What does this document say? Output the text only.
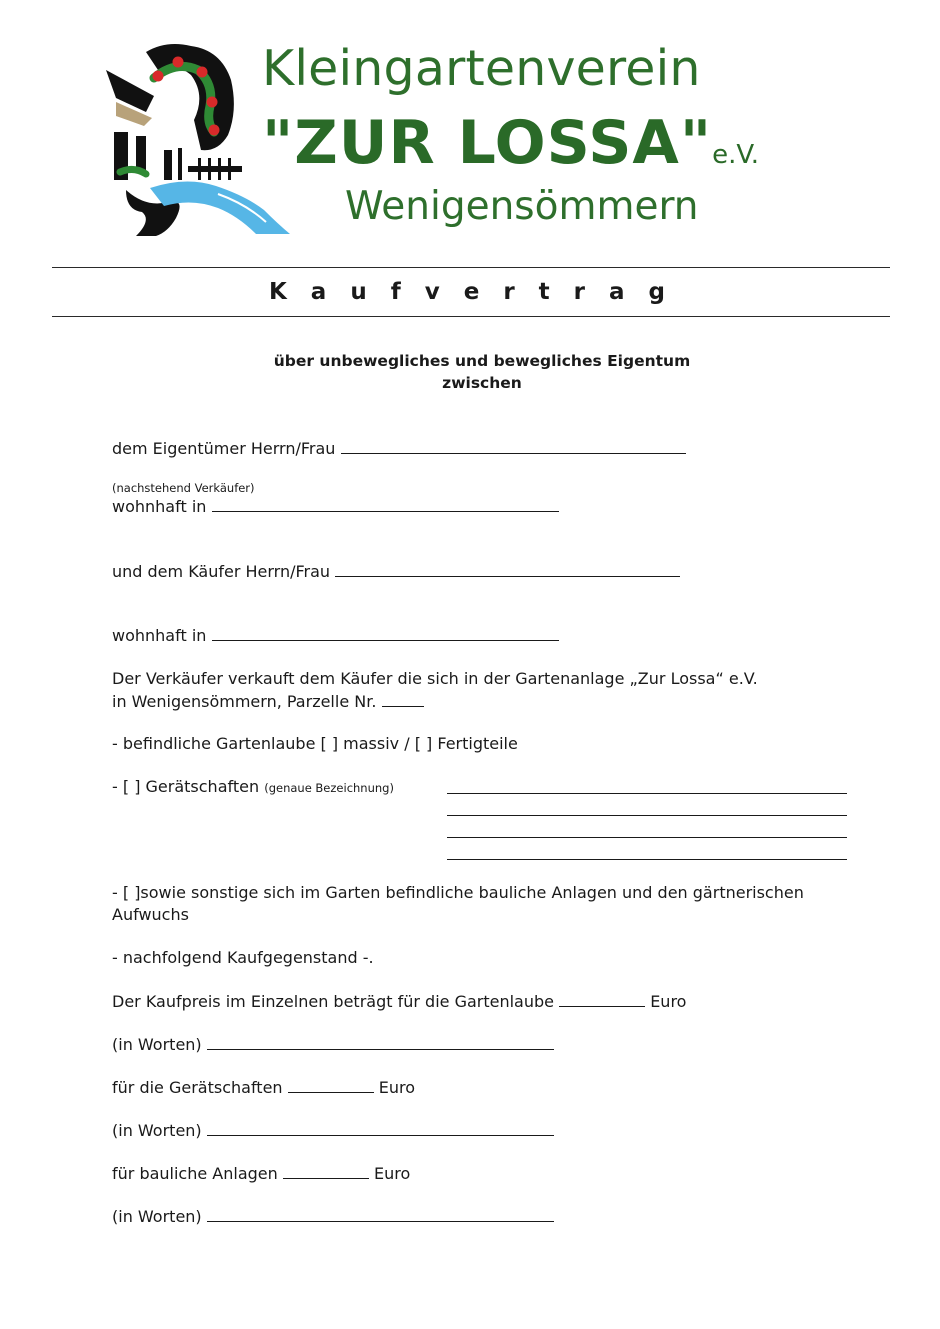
Kleingartenverein
"ZUR LOSSA"e.V.
Wenigensömmern
K a u f v e r t r a g
über unbewegliches und bewegliches Eigentum
zwischen
dem Eigentümer Herrn/Frau
(nachstehend Verkäufer)
wohnhaft in
und dem Käufer Herrn/Frau
wohnhaft in
Der Verkäufer verkauft dem Käufer die sich in der Gartenanlage „Zur Lossa“ e.V.
in Wenigensömmern, Parzelle Nr.
- befindliche Gartenlaube [ ] massiv / [ ] Fertigteile
- [ ] Gerätschaften (genaue Bezeichnung)
- [ ]sowie sonstige sich im Garten befindliche bauliche Anlagen und den gärtnerischen
Aufwuchs
- nachfolgend Kaufgegenstand -.
Der Kaufpreis im Einzelnen beträgt für die Gartenlaube	Euro
(in Worten)
für die Gerätschaften	Euro
(in Worten)
für bauliche Anlagen	Euro
(in Worten)
